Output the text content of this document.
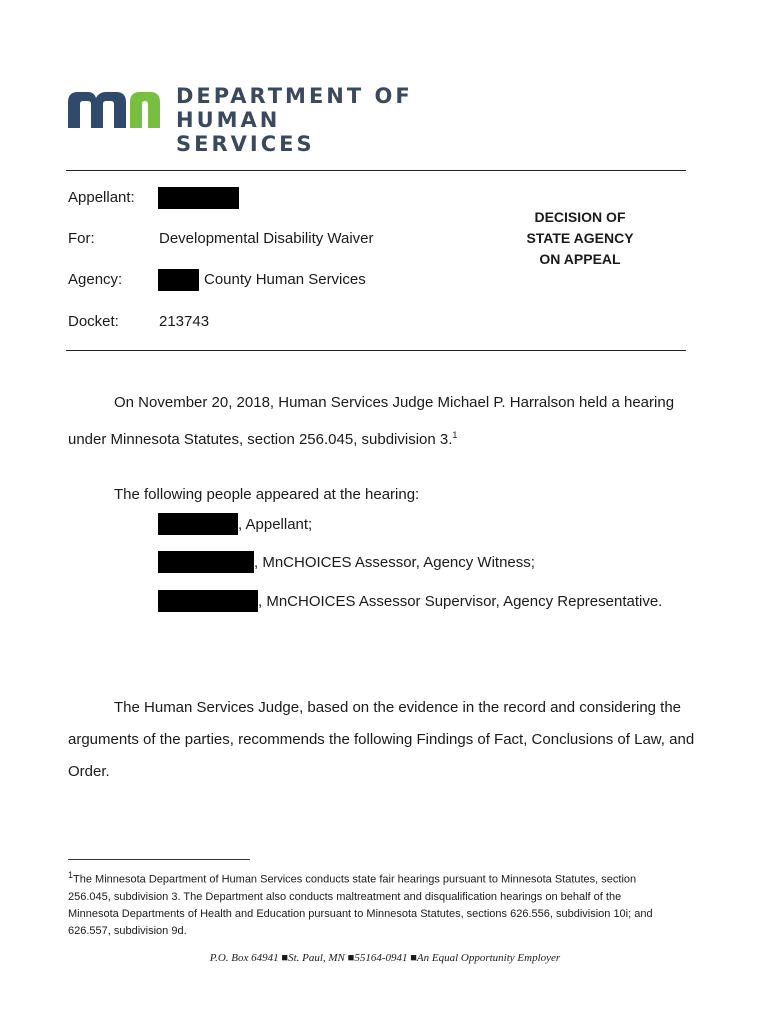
DEPARTMENT OF
HUMAN SERVICES
Appellant:
For:	Developmental Disability Waiver
Agency:	County Human Services
Docket:	213743
DECISION OF
STATE AGENCY
ON APPEAL
On November 20, 2018, Human Services Judge Michael P. Harralson held a hearing
under Minnesota Statutes, section 256.045, subdivision 3.$^1$
The following people appeared at the hearing:
, Appellant;
, MnCHOICES Assessor, Agency Witness;
, MnCHOICES Assessor Supervisor, Agency Representative.
The Human Services Judge, based on the evidence in the record and considering the
arguments of the parties, recommends the following Findings of Fact, Conclusions of Law, and
Order.
$^1$The Minnesota Department of Human Services conducts state fair hearings pursuant to Minnesota Statutes, section
256.045, subdivision 3. The Department also conducts maltreatment and disqualification hearings on behalf of the
Minnesota Departments of Health and Education pursuant to Minnesota Statutes, sections 626.556, subdivision 10i; and
626.557, subdivision 9d.
P.O. Box 64941 ■St. Paul, MN ■55164-0941 ■An Equal Opportunity Employer
